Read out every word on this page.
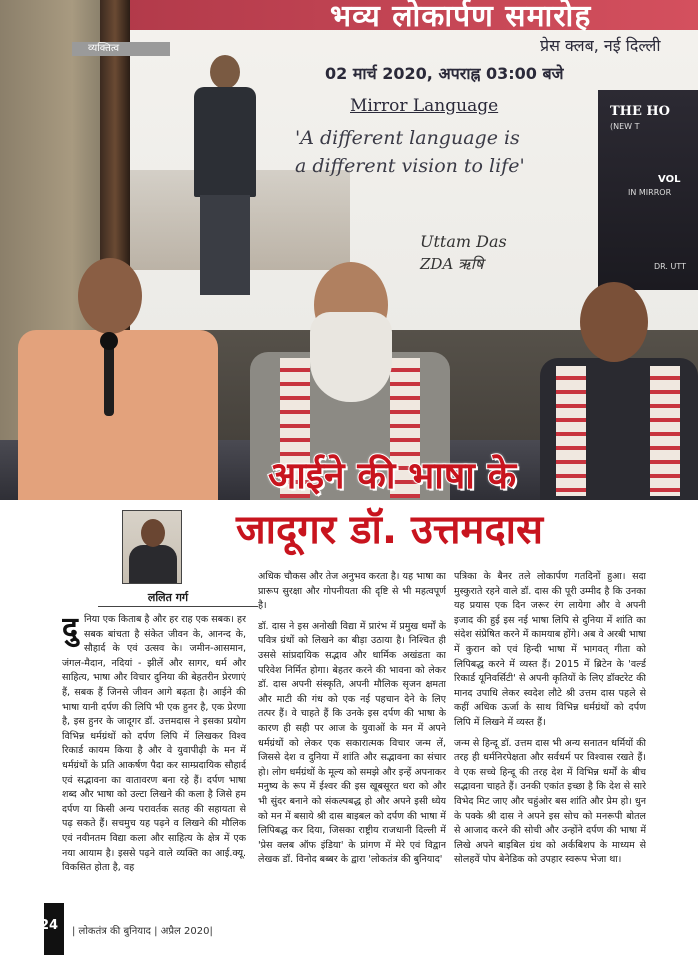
भव्य लोकार्पण समारोह
प्रेस क्लब, नई दिल्ली
02 मार्च 2020, अपराह्न 03:00 बजे
Mirror Language
'A different language is
a different vision to life'
Uttam Das
ZDA ऋषि
THE HO
(NEW T
VOL
IN MIRROR
DR. UTT
व्यक्तित्व
आईने की भाषा के
जादूगर डॉ. उत्तमदास
ललित गर्ग
दु निया एक किताब है और हर राह एक सबक। हर सबक बांचता है संकेत जीवन के, आनन्द के, सौहार्द के एवं उत्सव के। जमीन-आसमान, जंगल-मैदान, नदियां - झीलें और सागर, धर्म और साहित्य, भाषा और विचार दुनिया की बेहतरीन प्रेरणाएं हैं, सबक हैं जिनसे जीवन आगे बढ़ता है। आईने की भाषा यानी दर्पण की लिपि भी एक हुनर है, एक प्रेरणा है, इस हुनर के जादूगर डॉ. उत्तमदास ने इसका प्रयोग विभिन्न धर्मग्रंथों को दर्पण लिपि में लिखकर विश्व रिकार्ड कायम किया है और वे युवापीढ़ी के मन में धर्मग्रंथों के प्रति आकर्षण पैदा कर साम्प्रदायिक सौहार्द एवं सद्भावना का वातावरण बना रहे हैं। दर्पण भाषा शब्द और भाषा को उल्टा लिखने की कला है जिसे हम दर्पण या किसी अन्य परावर्तक सतह की सहायता से पढ़ सकते हैं। सचमुच यह पढ़ने व लिखने की मौलिक एवं नवीनतम विद्या कला और साहित्य के क्षेत्र में एक नया आयाम है। इससे पढ़ने वाले व्यक्ति का आई.क्यू. विकसित होता है, वह

अधिक चौकस और तेज अनुभव करता है। यह भाषा का प्रारूप सुरक्षा और गोपनीयता की दृष्टि से भी महत्वपूर्ण है।

डॉ. दास ने इस अनोखी विद्या में प्रारंभ में प्रमुख धर्मों के पवित्र ग्रंथों को लिखने का बीड़ा उठाया है। निश्चित ही उससे सांप्रदायिक सद्भाव और धार्मिक अखंडता का परिवेश निर्मित होगा। बेहतर करने की भावना को लेकर डॉ. दास अपनी संस्कृति, अपनी मौलिक सृजन क्षमता और माटी की गंध को एक नई पहचान देने के लिए तत्पर हैं। वे चाहते हैं कि उनके इस दर्पण की भाषा के कारण ही सही पर आज के युवाओं के मन में अपने धर्मग्रंथों को लेकर एक सकारात्मक विचार जन्म लें, जिससे देश व दुनिया में शांति और सद्भावना का संचार हो। लोग धर्मग्रंथों के मूल्य को समझे और इन्हें अपनाकर मनुष्य के रूप में ईश्वर की इस खूबसूरत धरा को और भी सुंदर बनाने को संकल्पबद्ध हो और अपने इसी ध्येय को मन में बसाये श्री दास बाइबल को दर्पण की भाषा में लिपिबद्ध कर दिया, जिसका राष्ट्रीय राजधानी दिल्ली में 'प्रेस क्लब ऑफ इंडिया' के प्रांगण में मेरे एवं विद्वान लेखक डॉ. विनोद बब्बर के द्वारा 'लोकतंत्र की बुनियाद'

पत्रिका के बैनर तले लोकार्पण गतदिनों हुआ। सदा मुस्कुराते रहने वाले डॉ. दास की पूरी उम्मीद है कि उनका यह प्रयास एक दिन जरूर रंग लायेगा और वे अपनी इजाद की हुई इस नई भाषा लिपि से दुनिया में शांति का संदेश संप्रेषित करने में कामयाब होंगे। अब वे अरबी भाषा में कुरान को एवं हिन्दी भाषा में भागवत् गीता को लिपिबद्ध करने में व्यस्त हैं। 2015 में ब्रिटेन के 'वर्ल्ड रिकार्ड यूनिवर्सिटी' से अपनी कृतियों के लिए डॉक्टरेट की मानद उपाधि लेकर स्वदेश लौटे श्री उत्तम दास पहले से कहीं अधिक ऊर्जा के साथ विभिन्न धर्मग्रंथों को दर्पण लिपि में लिखने में व्यस्त हैं।

जन्म से हिन्दू डॉ. उत्तम दास भी अन्य सनातन धर्मियों की तरह ही धर्मनिरपेक्षता और सर्वधर्म पर विश्वास रखते हैं। वे एक सच्चे हिन्दू की तरह देश में विभिन्न धर्मों के बीच सद्भावना चाहते हैं। उनकी एकांत इच्छा है कि देश से सारे विभेद मिट जाए और चहुंओर बस शांति और प्रेम हो। धुन के पक्के श्री दास ने अपने इस सोच को मनरूपी बोतल से आजाद करने की सोची और उन्होंने दर्पण की भाषा में लिखे अपने बाइबिल ग्रंथ को अर्कबिशप के माध्यम से सोलहवें पोप बेनेडिक को उपहार स्वरूप भेजा था।

24 | लोकतंत्र की बुनियाद | अप्रैल 2020|
